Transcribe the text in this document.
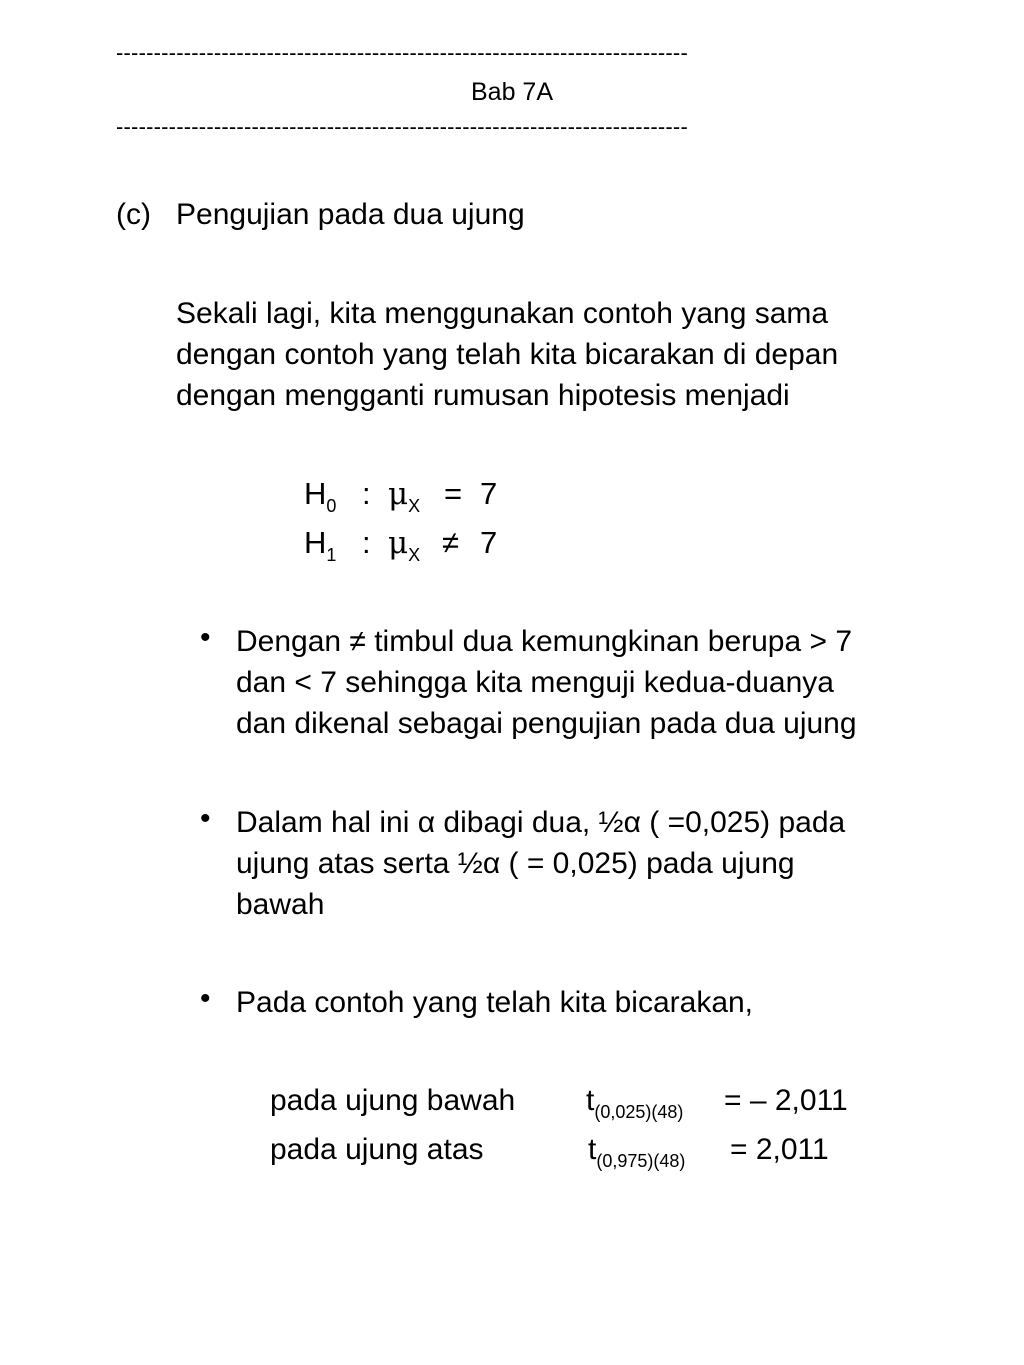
----------------------------------------------------------------------------
Bab 7A
----------------------------------------------------------------------------
(c) Pengujian pada dua ujung
Sekali lagi, kita menggunakan contoh yang sama
dengan contoh yang telah kita bicarakan di depan
dengan mengganti rumusan hipotesis menjadi
$H_0$ : $\mu_X = 7$
$H_1$ : $\mu_X \ne 7$
• Dengan ≠ timbul dua kemungkinan berupa > 7
dan < 7 sehingga kita menguji kedua-duanya
dan dikenal sebagai pengujian pada dua ujung
• Dalam hal ini α dibagi dua, ½α ( =0,025) pada
ujung atas serta ½α ( = 0,025) pada ujung
bawah
• Pada contoh yang telah kita bicarakan,
pada ujung bawah $t_{(0,025)(48)}$ = – 2,011
pada ujung atas	$t_{(0,975)(48)} = 2,011$
